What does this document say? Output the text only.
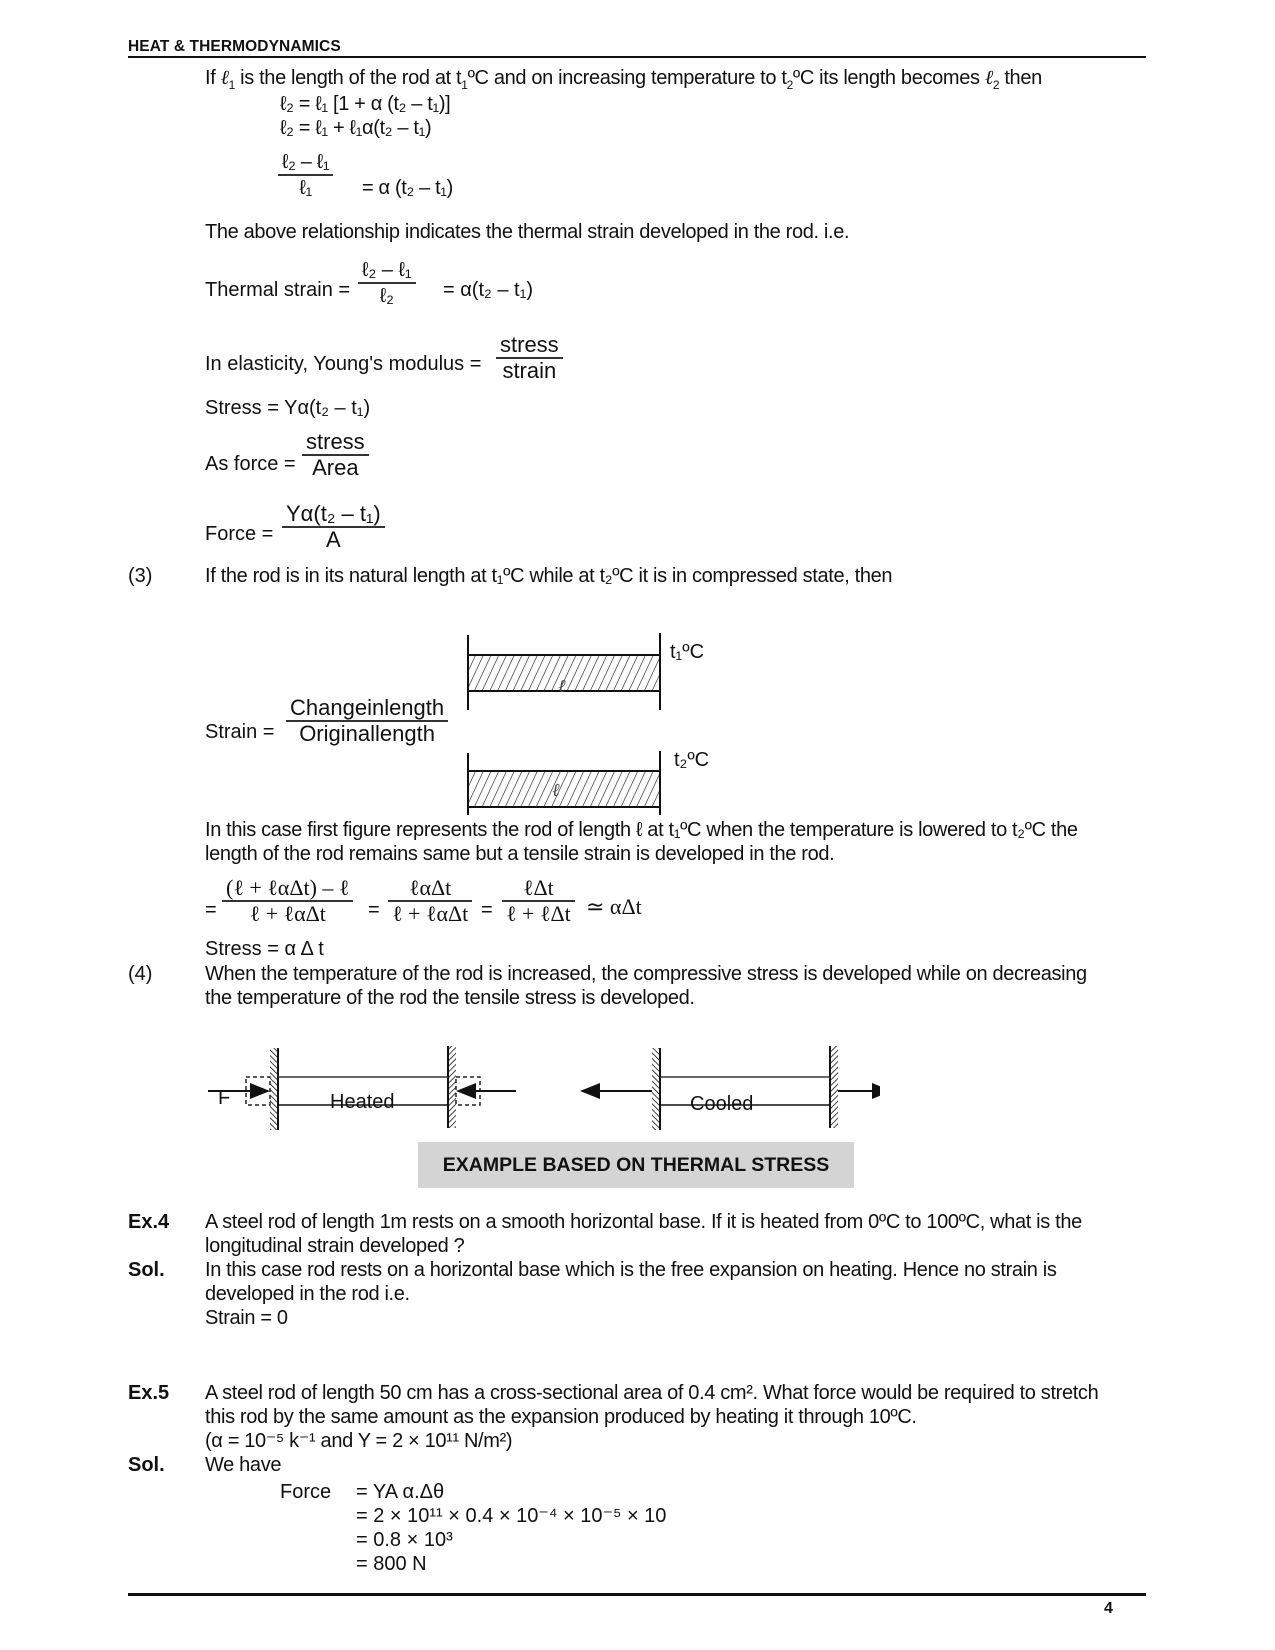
HEAT & THERMODYNAMICS
If ℓ$_1$ is the length of the rod at $t_1ºC$ and on increasing temperature to $t_2ºC$ its length becomes ℓ$_2$ then
ℓ₂ = ℓ₁ [1 + α (t₂ – t₁)]
ℓ₂ = ℓ₁ + ℓ₁α(t₂ – t₁)
ℓ₂ – ℓ₁
ℓ₁	= α (t₂ – t₁)
The above relationship indicates the thermal strain developed in the rod. i.e.
Thermal strain =
ℓ₂ – ℓ₁
ℓ₂ = α(t₂ – t₁)
In elasticity, Young's modulus =
stress
strain
Stress = Yα(t₂ – t₁)
As force =
stress
Area
Force =
Yα(t₂ – t₁)
A
(3)	If the rod is in its natural length at t₁ºC while at t₂ºC it is in compressed state, then
Strain =
Changeinlength
Originallength
t₁ºC
ℓ
t₂ºC
ℓ
In this case first figure represents the rod of length ℓ at t₁ºC when the temperature is lowered to t₂ºC the
length of the rod remains same but a tensile strain is developed in the rod.
=
(ℓ + ℓαΔt) – ℓ
ℓ + ℓαΔt =
ℓαΔt
ℓ + ℓαΔt =
ℓΔt
ℓ + ℓΔt ≃ αΔt
Stress = α Δ t
(4)	When the temperature of the rod is increased, the compressive stress is developed while on decreasing
the temperature of the rod the tensile stress is developed.
F	Heated	Cooled
EXAMPLE BASED ON THERMAL STRESS
Ex.4 A steel rod of length 1m rests on a smooth horizontal base. If it is heated from 0ºC to 100ºC, what is the
longitudinal strain developed ?
Sol. In this case rod rests on a horizontal base which is the free expansion on heating. Hence no strain is
developed in the rod i.e.
Strain = 0
Ex.5 A steel rod of length 50 cm has a cross-sectional area of 0.4 cm². What force would be required to stretch
this rod by the same amount as the expansion produced by heating it through 10ºC.
(α = 10⁻⁵ k⁻¹ and Y = 2 × 10¹¹ N/m²)
Sol. We have
Force = YA α.Δθ
= 2 × 10¹¹ × 0.4 × 10⁻⁴ × 10⁻⁵ × 10
= 0.8 × 10³
= 800 N
4
